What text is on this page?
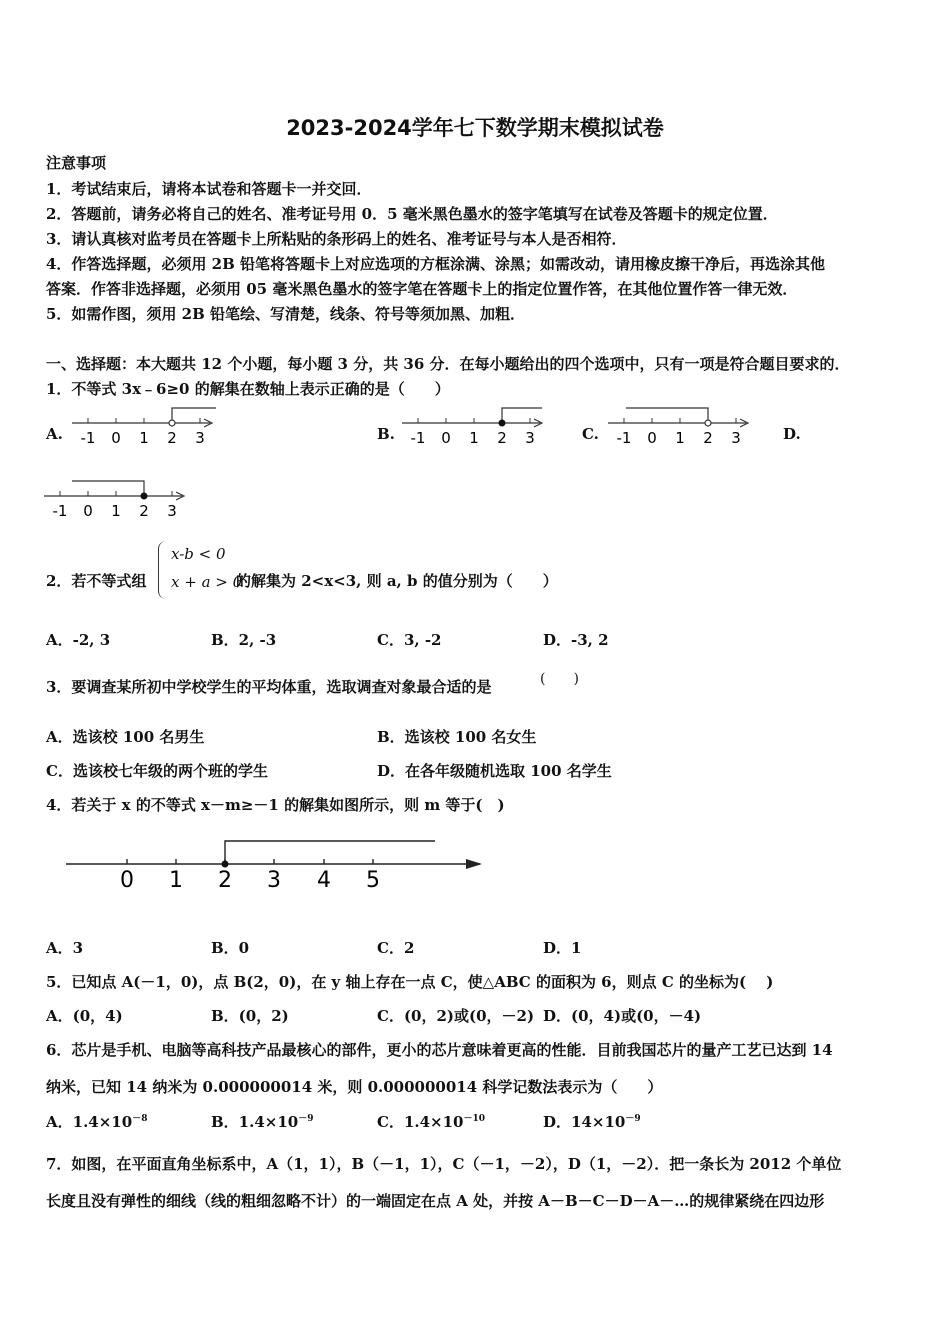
2023-2024学年七下数学期末模拟试卷
注意事项
1．考试结束后，请将本试卷和答题卡一并交回．
2．答题前，请务必将自己的姓名、准考证号用 0．5 毫米黑色墨水的签字笔填写在试卷及答题卡的规定位置．
3．请认真核对监考员在答题卡上所粘贴的条形码上的姓名、准考证号与本人是否相符．
4．作答选择题，必须用 2B 铅笔将答题卡上对应选项的方框涂满、涂黑；如需改动，请用橡皮擦干净后，再选涂其他
答案．作答非选择题，必须用 05 毫米黑色墨水的签字笔在答题卡上的指定位置作答，在其他位置作答一律无效．
5．如需作图，须用 2B 铅笔绘、写清楚，线条、符号等须加黑、加粗．
一、选择题：本大题共 12 个小题，每小题 3 分，共 36 分．在每小题给出的四个选项中，只有一项是符合题目要求的．
1．不等式 3x﹣6≥0 的解集在数轴上表示正确的是（　　）
A. -1 0 1 2 3	B. -1 0 1 2 3	C. -1 0 1 2 3	D.
-1 0 1 2 3
2．若不等式组
x-b < 0
x + a > 0
的解集为 2<x<3, 则 a, b 的值分别为（　　）
A．-2, 3	B．2, -3	C．3, -2	D．-3, 2
3．要调查某所初中学校学生的平均体重，选取调查对象最合适的是	(　　)
A．选该校 100 名男生	B．选该校 100 名女生
C．选该校七年级的两个班的学生	D．在各年级随机选取 100 名学生
4．若关于 x 的不等式 x－m≥－1 的解集如图所示，则 m 等于(　)
0 1 2 3 4 5
A．3	B．0	C．2	D．1
5．已知点 A(－1，0)，点 B(2，0)，在 y 轴上存在一点 C，使△ABC 的面积为 6，则点 C 的坐标为(　 )
A．(0，4)	B．(0，2)	C．(0，2)或(0，－2) D．(0，4)或(0，－4)
6．芯片是手机、电脑等高科技产品最核心的部件，更小的芯片意味着更高的性能．目前我国芯片的量产工艺已达到 14
纳米，已知 14 纳米为 0.000000014 米，则 0.000000014 科学记数法表示为（　　）
A．$1.4\times 10^{-8}$	B．$1.4\times 10^{-9}$	C．$1.4\times 10^{-10}$	D．$14\times 10^{-9}$
7．如图，在平面直角坐标系中，A（1，1），B（－1，1），C（－1，－2），D（1，－2）．把一条长为 2012 个单位
长度且没有弹性的细线（线的粗细忽略不计）的一端固定在点 A 处，并按 A－B－C－D－A－…的规律紧绕在四边形
